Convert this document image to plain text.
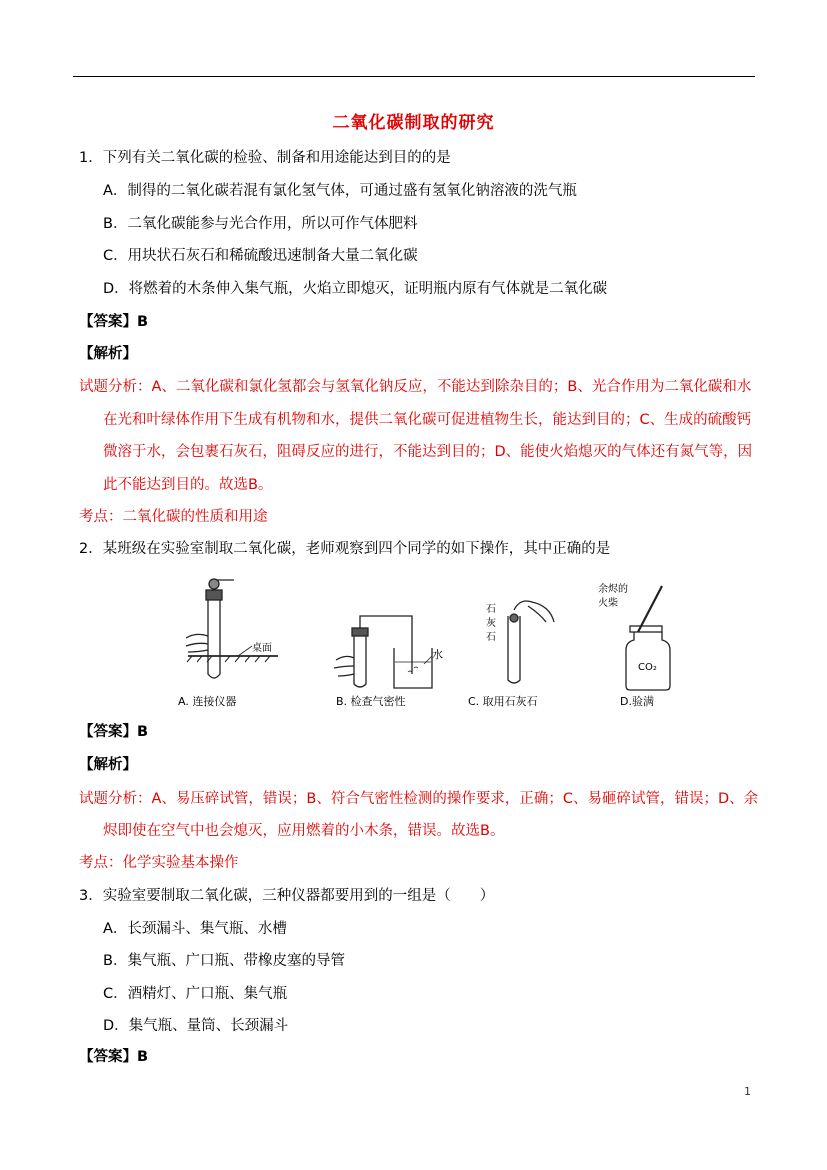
二氧化碳制取的研究
1．下列有关二氧化碳的检验、制备和用途能达到目的的是
A．制得的二氧化碳若混有氯化氢气体，可通过盛有氢氧化钠溶液的洗气瓶
B．二氧化碳能参与光合作用，所以可作气体肥料
C．用块状石灰石和稀硫酸迅速制备大量二氧化碳
D．将燃着的木条伸入集气瓶，火焰立即熄灭，证明瓶内原有气体就是二氧化碳
【答案】B
【解析】
试题分析：A、二氧化碳和氯化氢都会与氢氧化钠反应，不能达到除杂目的；B、光合作用为二氧化碳和水
在光和叶绿体作用下生成有机物和水，提供二氧化碳可促进植物生长，能达到目的；C、生成的硫酸钙
微溶于水，会包裹石灰石，阻碍反应的进行，不能达到目的；D、能使火焰熄灭的气体还有氮气等，因
此不能达到目的。故选B。
考点：二氧化碳的性质和用途
2．某班级在实验室制取二氧化碳，老师观察到四个同学的如下操作，其中正确的是
桌面	水
石
灰
石
余烬的
火柴
CO₂
A. 连接仪器	B. 检查气密性	C. 取用石灰石	D.验满
【答案】B
【解析】
试题分析：A、易压碎试管，错误；B、符合气密性检测的操作要求，正确；C、易砸碎试管，错误；D、余
烬即使在空气中也会熄灭，应用燃着的小木条，错误。故选B。
考点：化学实验基本操作
3．实验室要制取二氧化碳，三种仪器都要用到的一组是（　　）
A．长颈漏斗、集气瓶、水槽
B．集气瓶、广口瓶、带橡皮塞的导管
C．酒精灯、广口瓶、集气瓶
D．集气瓶、量筒、长颈漏斗
【答案】B
1
